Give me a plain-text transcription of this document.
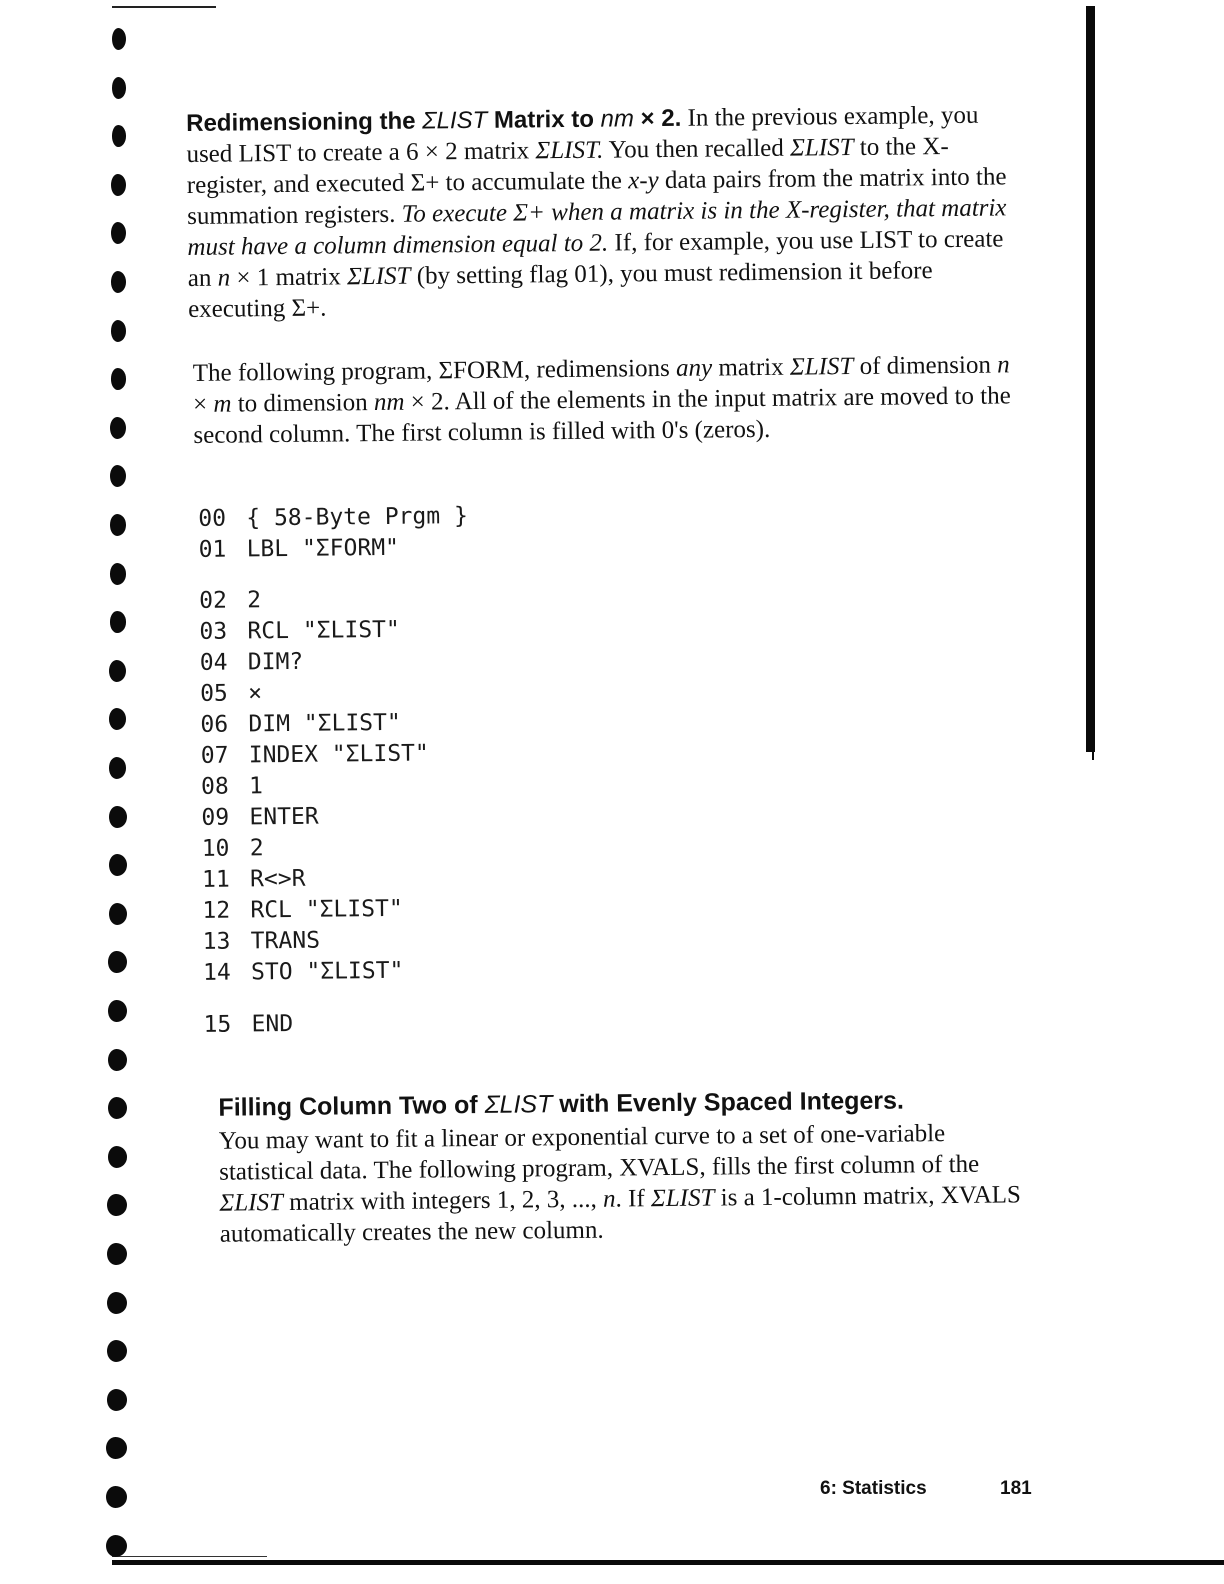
Redimensioning the ΣLIST Matrix to nm × 2. In the previous example, you used LIST to create a 6 × 2 matrix ΣLIST. You then recalled ΣLIST to the X-register, and executed Σ+ to accumulate the x-y data pairs from the matrix into the summation registers. To execute Σ+ when a matrix is in the X-register, that matrix must have a column dimension equal to 2. If, for example, you use LIST to create an n × 1 matrix ΣLIST (by setting flag 01), you must redimension it before executing Σ+.

The following program, ΣFORM, redimensions any matrix ΣLIST of dimension n × m to dimension nm × 2. All of the elements in the input matrix are moved to the second column. The first column is filled with 0's (zeros).

00 { 58-Byte Prgm }
01 LBL "ΣFORM"
02 2
03 RCL "ΣLIST"
04 DIM?
05 ×
06 DIM "ΣLIST"
07 INDEX "ΣLIST"
08 1
09 ENTER
10 2
11 R<>R
12 RCL "ΣLIST"
13 TRANS
14 STO "ΣLIST"
15 END
Filling Column Two of ΣLIST with Evenly Spaced Integers.

You may want to fit a linear or exponential curve to a set of one-variable statistical data. The following program, XVALS, fills the first column of the ΣLIST matrix with integers 1, 2, 3, ..., n. If ΣLIST is a 1-column matrix, XVALS automatically creates the new column.

6: Statistics	181
